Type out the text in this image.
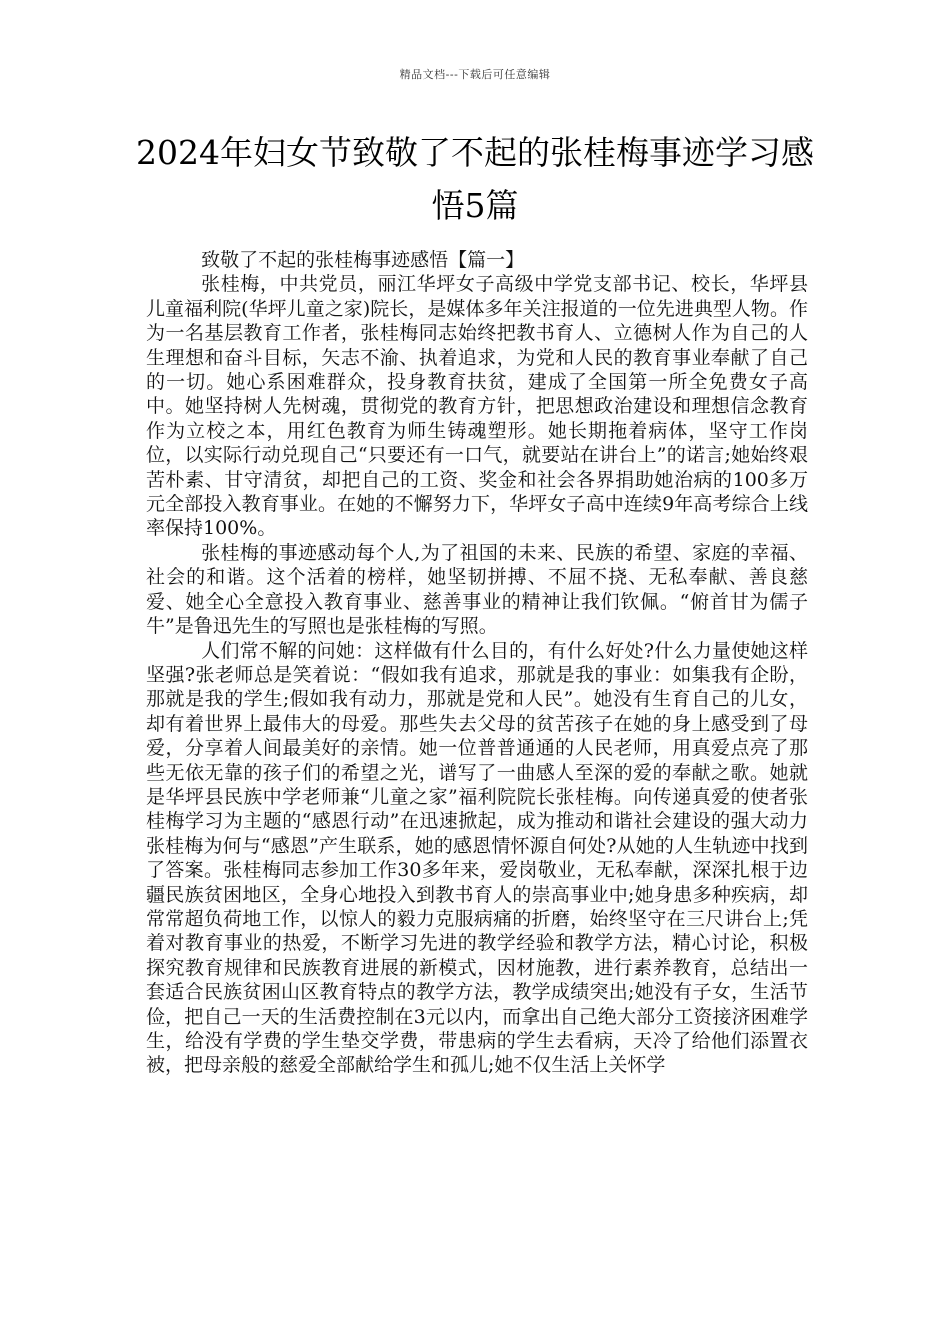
精品文档---下载后可任意编辑
2024年妇女节致敬了不起的张桂梅事迹学习感悟5篇
致敬了不起的张桂梅事迹感悟【篇一】

张桂梅，中共党员，丽江华坪女子高级中学党支部书记、校长，华坪县儿童福利院(华坪儿童之家)院长，是媒体多年关注报道的一位先进典型人物。作为一名基层教育工作者，张桂梅同志始终把教书育人、立德树人作为自己的人生理想和奋斗目标，矢志不渝、执着追求，为党和人民的教育事业奉献了自己的一切。她心系困难群众，投身教育扶贫，建成了全国第一所全免费女子高中。她坚持树人先树魂，贯彻党的教育方针，把思想政治建设和理想信念教育作为立校之本，用红色教育为师生铸魂塑形。她长期拖着病体，坚守工作岗位，以实际行动兑现自己“只要还有一口气，就要站在讲台上”的诺言;她始终艰苦朴素、甘守清贫，却把自己的工资、奖金和社会各界捐助她治病的100多万元全部投入教育事业。在她的不懈努力下，华坪女子高中连续9年高考综合上线率保持100%。

张桂梅的事迹感动每个人,为了祖国的未来、民族的希望、家庭的幸福、社会的和谐。这个活着的榜样，她坚韧拼搏、不屈不挠、无私奉献、善良慈爱、她全心全意投入教育事业、慈善事业的精神让我们钦佩。“俯首甘为儒子牛”是鲁迅先生的写照也是张桂梅的写照。

人们常不解的问她：这样做有什么目的，有什么好处?什么力量使她这样坚强?张老师总是笑着说：“假如我有追求，那就是我的事业：如集我有企盼，那就是我的学生;假如我有动力，那就是党和人民”。她没有生育自己的儿女，却有着世界上最伟大的母爱。那些失去父母的贫苦孩子在她的身上感受到了母爱，分享着人间最美好的亲情。她一位普普通通的人民老师，用真爱点亮了那些无依无靠的孩子们的希望之光，谱写了一曲感人至深的爱的奉献之歌。她就是华坪县民族中学老师兼“儿童之家”福利院院长张桂梅。向传递真爱的使者张桂梅学习为主题的“感恩行动”在迅速掀起，成为推动和谐社会建设的强大动力张桂梅为何与“感恩”产生联系，她的感恩情怀源自何处?从她的人生轨迹中找到了答案。张桂梅同志参加工作30多年来，爱岗敬业，无私奉献，深深扎根于边疆民族贫困地区，全身心地投入到教书育人的崇高事业中;她身患多种疾病，却常常超负荷地工作，以惊人的毅力克服病痛的折磨，始终坚守在三尺讲台上;凭着对教育事业的热爱，不断学习先进的教学经验和教学方法，精心讨论，积极探究教育规律和民族教育进展的新模式，因材施教，进行素养教育，总结出一套适合民族贫困山区教育特点的教学方法，教学成绩突出;她没有子女，生活节俭，把自己一天的生活费控制在3元以内，而拿出自己绝大部分工资接济困难学生，给没有学费的学生垫交学费，带患病的学生去看病，天冷了给他们添置衣被，把母亲般的慈爱全部献给学生和孤儿;她不仅生活上关怀学
